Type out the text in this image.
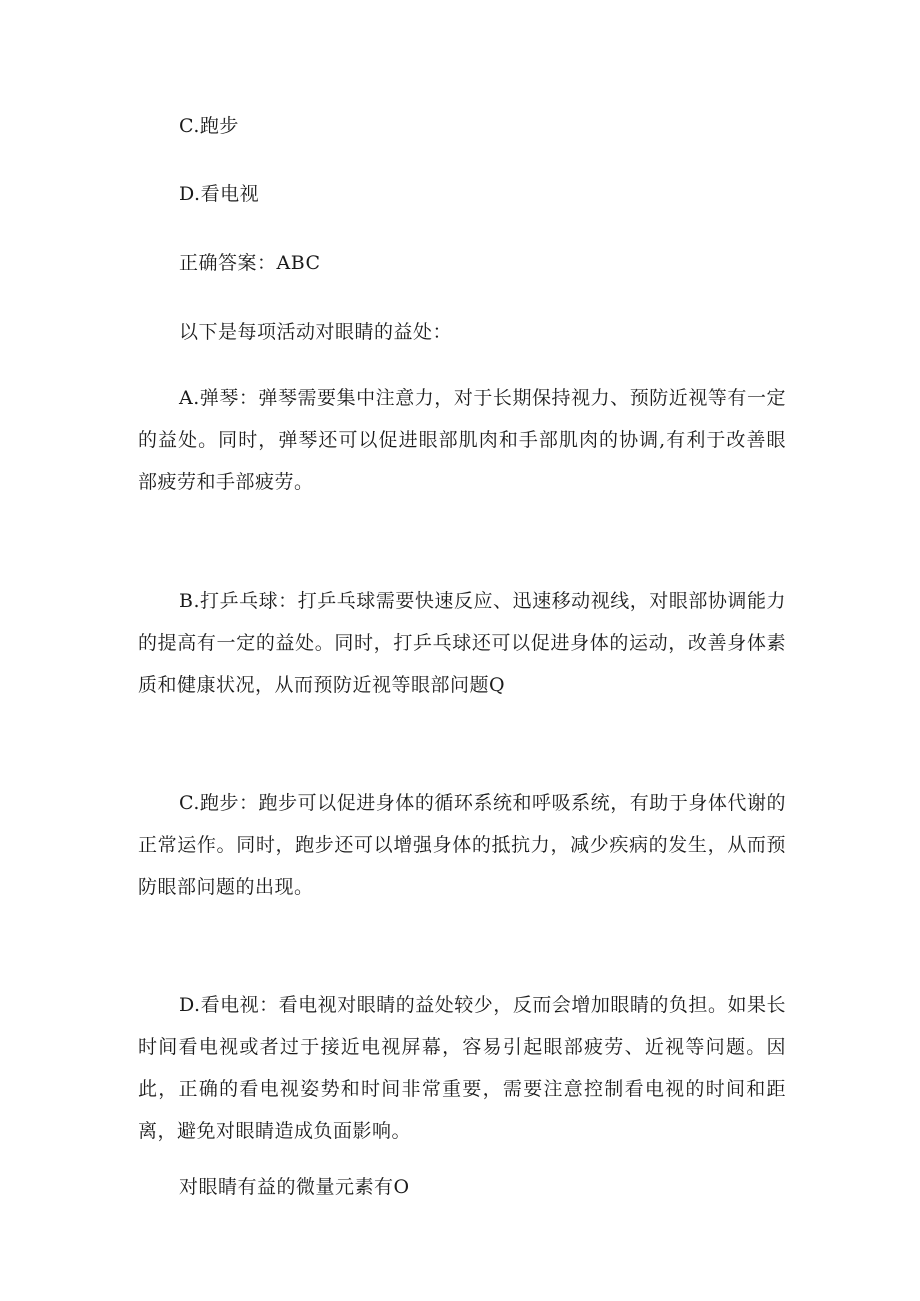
C.跑步
D.看电视
正确答案：ABC
以下是每项活动对眼睛的益处：
A.弹琴：弹琴需要集中注意力，对于长期保持视力、预防近视等有一定的益处。同时，弹琴还可以促进眼部肌肉和手部肌肉的协调,有利于改善眼部疲劳和手部疲劳。
B.打乒乓球：打乒乓球需要快速反应、迅速移动视线，对眼部协调能力的提高有一定的益处。同时，打乒乓球还可以促进身体的运动，改善身体素质和健康状况，从而预防近视等眼部问题Q
C.跑步：跑步可以促进身体的循环系统和呼吸系统，有助于身体代谢的正常运作。同时，跑步还可以增强身体的抵抗力，减少疾病的发生，从而预防眼部问题的出现。
D.看电视：看电视对眼睛的益处较少，反而会增加眼睛的负担。如果长时间看电视或者过于接近电视屏幕，容易引起眼部疲劳、近视等问题。因此，正确的看电视姿势和时间非常重要，需要注意控制看电视的时间和距离，避免对眼睛造成负面影响。
对眼睛有益的微量元素有O
